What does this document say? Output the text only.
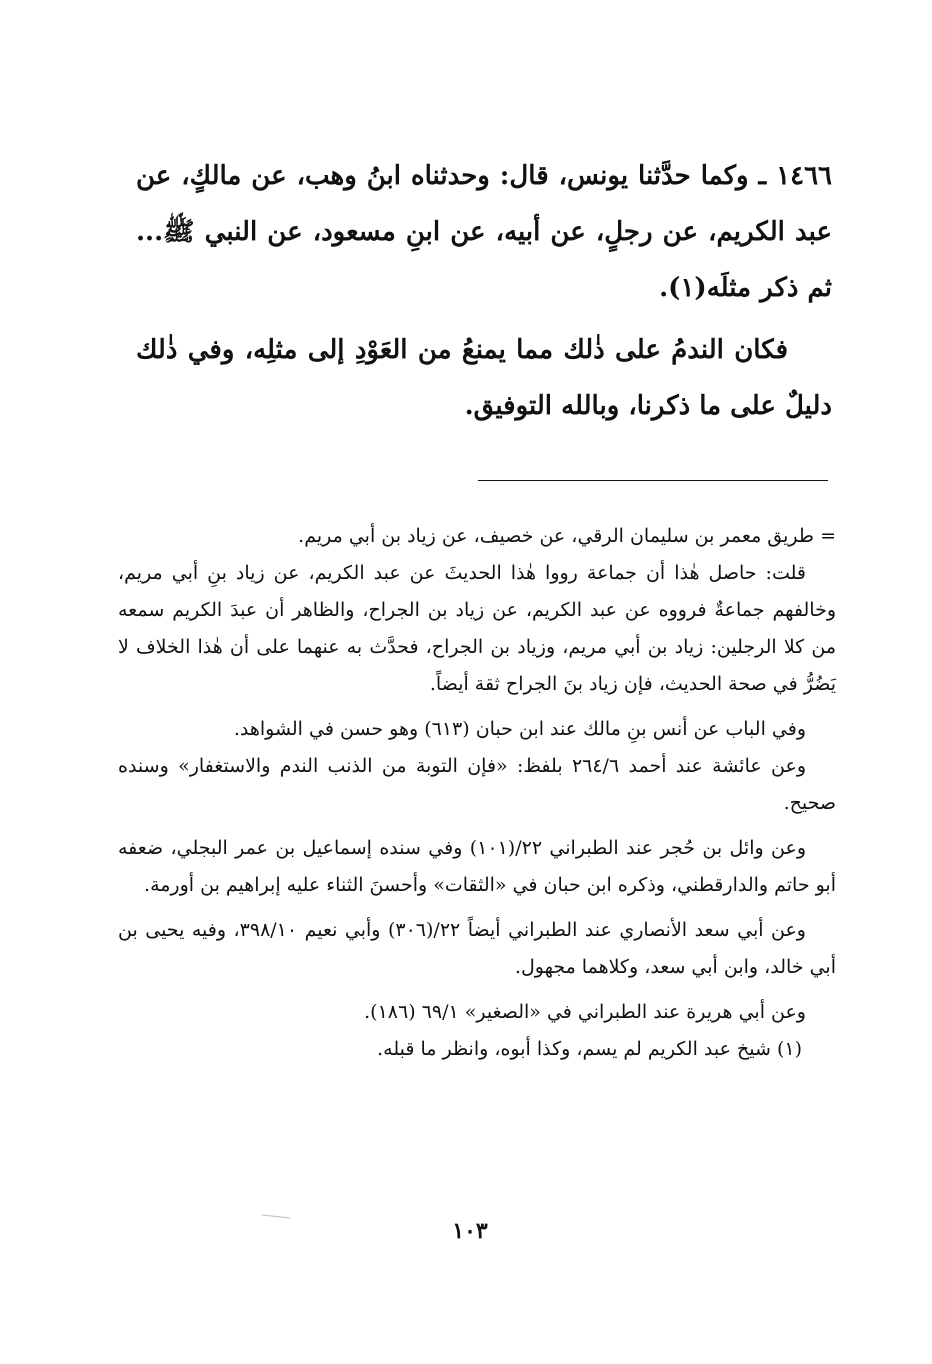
١٤٦٦ ـ وكما حدَّثنا يونس، قال: وحدثناه ابنُ وهب، عن مالكٍ، عن عبد الكريم، عن رجلٍ، عن أبيه، عن ابنِ مسعود، عن النبي ﷺ... ثم ذكر مثلَه(١).

فكان الندمُ على ذٰلك مما يمنعُ من العَوْدِ إلى مثلِه، وفي ذٰلك دليلٌ على ما ذكرنا، وبالله التوفيق.

= طريق معمر بن سليمان الرقي، عن خصيف، عن زياد بن أبي مريم.

قلت: حاصل هٰذا أن جماعة رووا هٰذا الحديثَ عن عبد الكريم، عن زياد بنِ أبي مريم، وخالفهم جماعةٌ فرووه عن عبد الكريم، عن زياد بن الجراح، والظاهر أن عبدَ الكريم سمعه من كلا الرجلين: زياد بن أبي مريم، وزياد بن الجراح، فحدَّث به عنهما على أن هٰذا الخلاف لا يَضُرُّ في صحة الحديث، فإن زياد بنَ الجراح ثقة أيضاً.

وفي الباب عن أنس بنِ مالك عند ابن حبان (٦١٣) وهو حسن في الشواهد.

وعن عائشة عند أحمد ٢٦٤/٦ بلفظ: «فإن التوبة من الذنب الندم والاستغفار» وسنده صحيح.

وعن وائل بن حُجر عند الطبراني ٢٢/(١٠١) وفي سنده إسماعيل بن عمر البجلي، ضعفه أبو حاتم والدارقطني، وذكره ابن حبان في «الثقات» وأحسنَ الثناء عليه إبراهيم بن أورمة.

وعن أبي سعد الأنصاري عند الطبراني أيضاً ٢٢/(٣٠٦) وأبي نعيم ٣٩٨/١٠، وفيه يحيى بن أبي خالد، وابن أبي سعد، وكلاهما مجهول.

وعن أبي هريرة عند الطبراني في «الصغير» ٦٩/١ (١٨٦).

(١) شيخ عبد الكريم لم يسم، وكذا أبوه، وانظر ما قبله.

١٠٣
